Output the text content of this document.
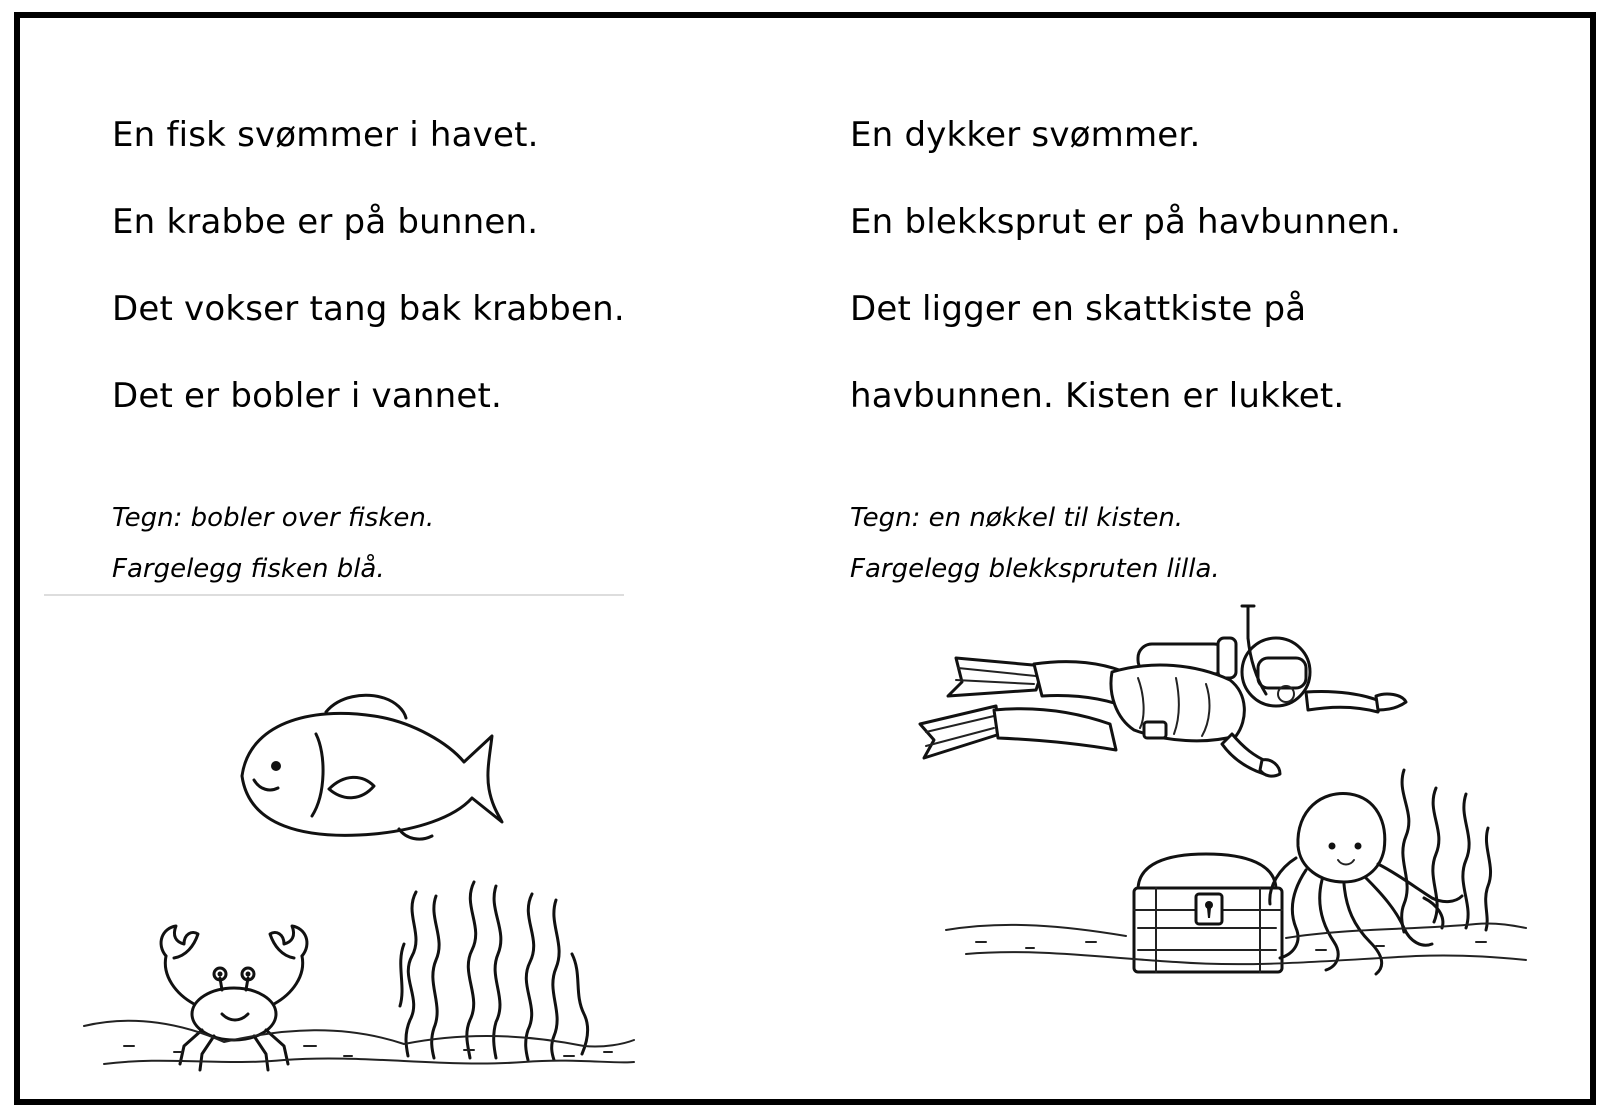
En fisk svømmer i havet.
En krabbe er på bunnen.
Det vokser tang bak krabben.
Det er bobler i vannet.
Tegn: bobler over fisken.
Fargelegg fisken blå.
En dykker svømmer.
En blekksprut er på havbunnen.
Det ligger en skattkiste på
havbunnen. Kisten er lukket.
Tegn: en nøkkel til kisten.
Fargelegg blekkspruten lilla.
